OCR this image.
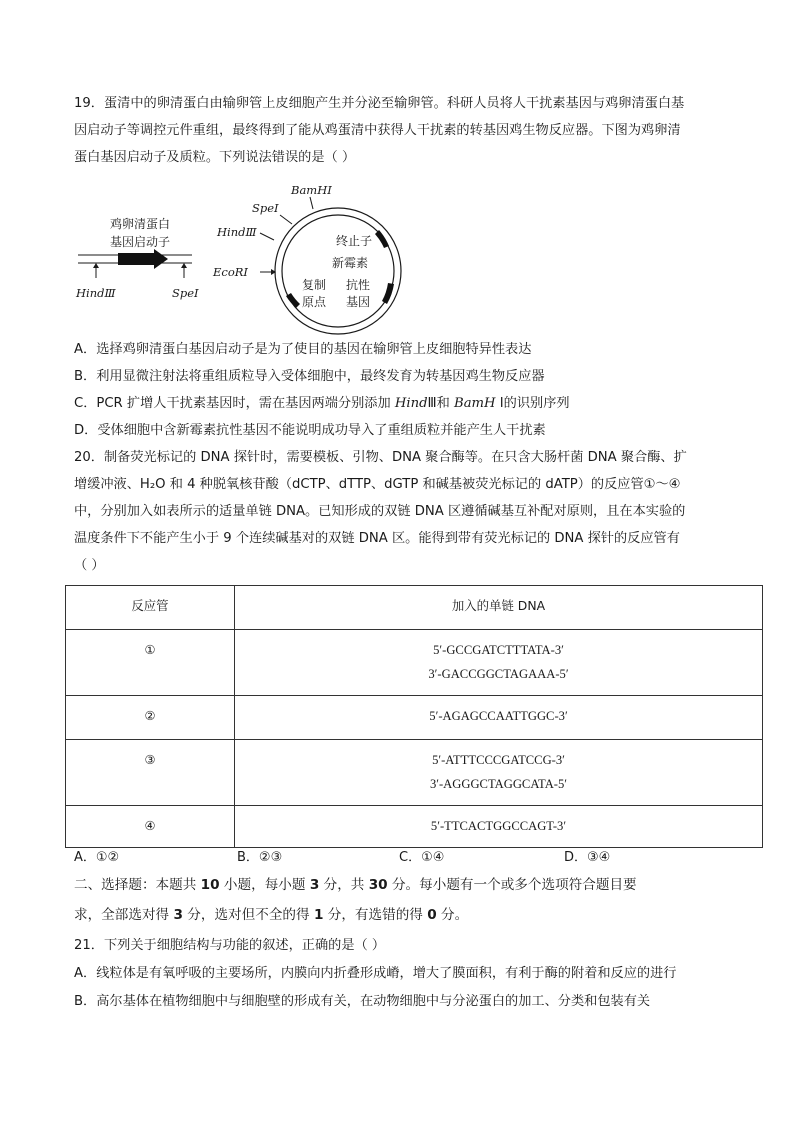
19．蛋清中的卵清蛋白由输卵管上皮细胞产生并分泌至输卵管。科研人员将人干扰素基因与鸡卵清蛋白基
因启动子等调控元件重组，最终得到了能从鸡蛋清中获得人干扰素的转基因鸡生物反应器。下图为鸡卵清
蛋白基因启动子及质粒。下列说法错误的是（ ）
鸡卵清蛋白
基因启动子
HindⅢ	SpeⅠ
BamHⅠ
SpeⅠ
HindⅢ
EcoRⅠ
终止子
新霉素
复制
原点
抗性
基因
A．选择鸡卵清蛋白基因启动子是为了使目的基因在输卵管上皮细胞特异性表达
B．利用显微注射法将重组质粒导入受体细胞中，最终发育为转基因鸡生物反应器
C．PCR 扩增人干扰素基因时，需在基因两端分别添加 HindⅢ和 BamH Ⅰ的识别序列
D．受体细胞中含新霉素抗性基因不能说明成功导入了重组质粒并能产生人干扰素
20．制备荧光标记的 DNA 探针时，需要模板、引物、DNA 聚合酶等。在只含大肠杆菌 DNA 聚合酶、扩
增缓冲液、H₂O 和 4 种脱氧核苷酸（dCTP、dTTP、dGTP 和碱基被荧光标记的 dATP）的反应管①～④
中，分别加入如表所示的适量单链 DNA。已知形成的双链 DNA 区遵循碱基互补配对原则，且在本实验的
温度条件下不能产生小于 9 个连续碱基对的双链 DNA 区。能得到带有荧光标记的 DNA 探针的反应管有
（ ）
反应管	加入的单链 DNA

①	5′-GCCGATCTTTATA-3′
3′-GACCGGCTAGAAA-5′

②	5′-AGAGCCAATTGGC-3′

③	5′-ATTTCCCGATCCG-3′
3′-AGGGCTAGGCATA-5′

④	5′-TTCACTGGCCAGT-3′
A．①②	B．②③	C．①④	D．③④
二、选择题：本题共 10 小题，每小题 3 分，共 30 分。每小题有一个或多个选项符合题目要
求，全部选对得 3 分，选对但不全的得 1 分，有选错的得 0 分。
21．下列关于细胞结构与功能的叙述，正确的是（ ）
A．线粒体是有氧呼吸的主要场所，内膜向内折叠形成嵴，增大了膜面积，有利于酶的附着和反应的进行
B．高尔基体在植物细胞中与细胞壁的形成有关，在动物细胞中与分泌蛋白的加工、分类和包装有关
